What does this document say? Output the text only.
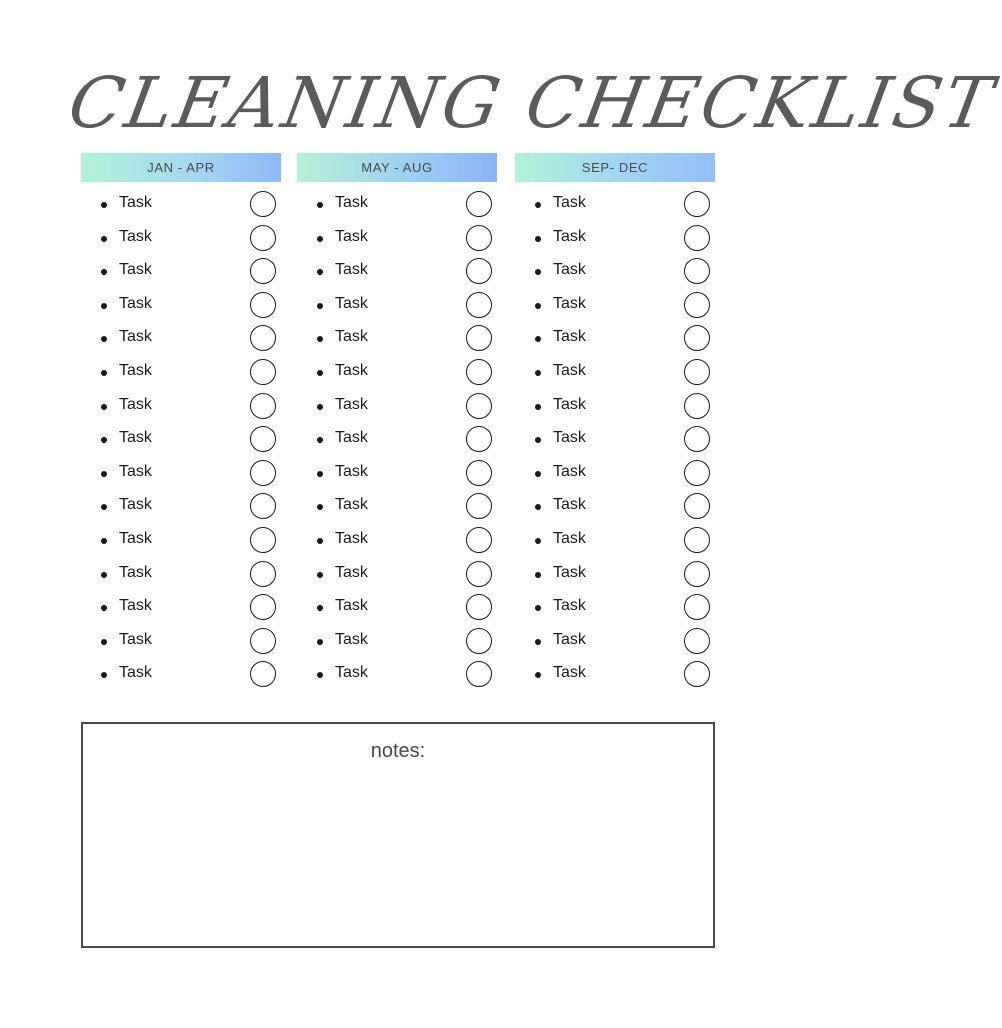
CLEANING CHECKLIST
JAN - APR
Task
Task
Task
Task
Task
Task
Task
Task
Task
Task
Task
Task
Task
Task
Task
MAY - AUG
Task
Task
Task
Task
Task
Task
Task
Task
Task
Task
Task
Task
Task
Task
Task
SEP- DEC
Task
Task
Task
Task
Task
Task
Task
Task
Task
Task
Task
Task
Task
Task
Task
notes:
